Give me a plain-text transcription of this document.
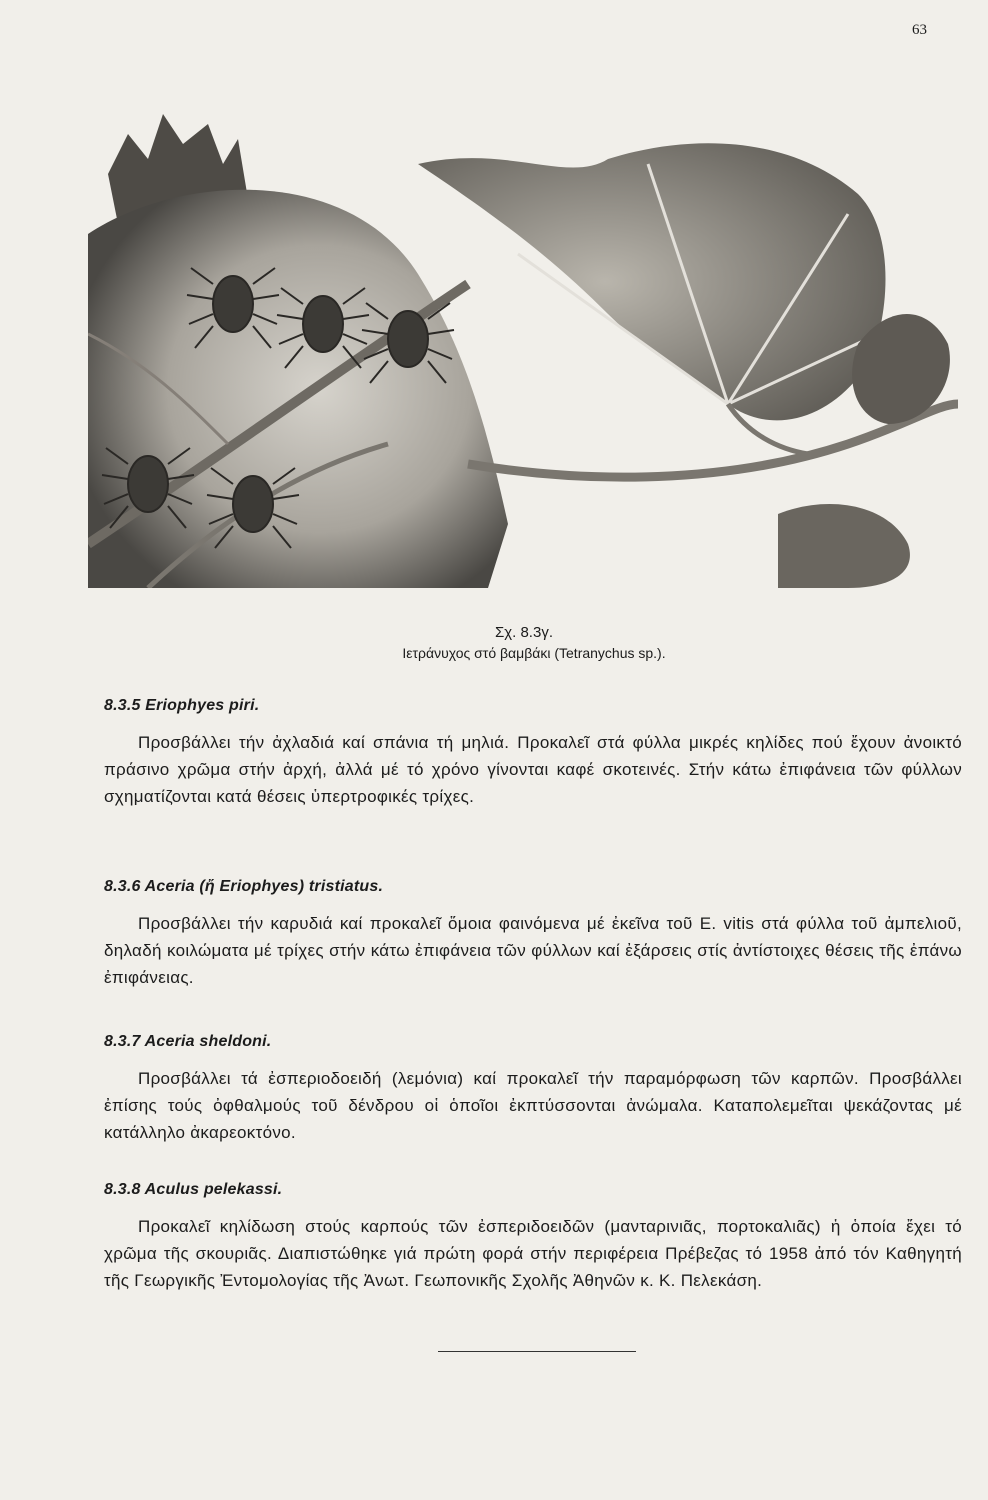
63
Σχ. 8.3γ.
Ιετράνυχος στό βαμβάκι (Tetranychus sp.).
8.3.5 Eriophyes piri.

Προσβάλλει τήν ἀχλαδιά καί σπάνια τή μηλιά. Προκαλεῖ στά φύλλα μικρές κηλίδες πού ἔχουν ἀνοικτό πράσινο χρῶμα στήν ἀρχή, ἀλλά μέ τό χρόνο γίνονται καφέ σκοτεινές. Στήν κάτω ἐπιφάνεια τῶν φύλλων σχηματίζονται κατά θέσεις ὑπερτροφικές τρίχες.

8.3.6 Aceria (ἤ Eriophyes) tristiatus.

Προσβάλλει τήν καρυδιά καί προκαλεῖ ὅμοια φαινόμενα μέ ἐκεῖνα τοῦ E. vitis στά φύλλα τοῦ ἀμπελιοῦ, δηλαδή κοιλώματα μέ τρίχες στήν κάτω ἐπιφάνεια τῶν φύλλων καί ἐξάρσεις στίς ἀντίστοιχες θέσεις τῆς ἐπάνω ἐπιφάνειας.

8.3.7 Aceria sheldoni.

Προσβάλλει τά ἐσπεριοδοειδή (λεμόνια) καί προκαλεῖ τήν παραμόρφωση τῶν καρπῶν. Προσβάλλει ἐπίσης τούς ὀφθαλμούς τοῦ δένδρου οἱ ὁποῖοι ἐκπτύσσονται ἀνώμαλα. Καταπολεμεῖται ψεκάζοντας μέ κατάλληλο ἀκαρεοκτόνο.

8.3.8 Aculus pelekassi.

Προκαλεῖ κηλίδωση στούς καρπούς τῶν ἐσπεριδοειδῶν (μανταρινιᾶς, πορτοκαλιᾶς) ἡ ὁποία ἔχει τό χρῶμα τῆς σκουριᾶς. Διαπιστώθηκε γιά πρώτη φορά στήν περιφέρεια Πρέβεζας τό 1958 ἀπό τόν Καθηγητή τῆς Γεωργικῆς Ἐντομολογίας τῆς Ἀνωτ. Γεωπονικῆς Σχολῆς Ἀθηνῶν κ. Κ. Πελεκάση.
